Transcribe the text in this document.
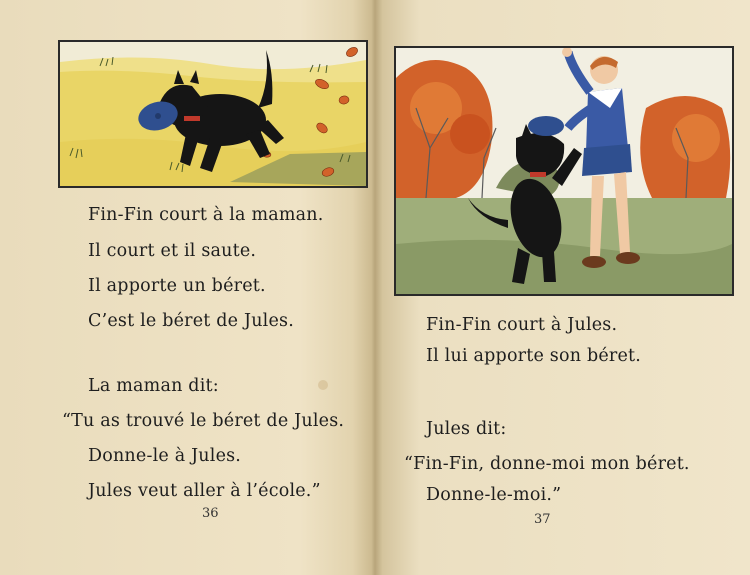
Fin-Fin court à la maman.
Il court et il saute.
Il apporte un béret.
C’est le béret de Jules.
La maman dit:
“Tu as trouvé le béret de Jules.
Donne-le à Jules.
Jules veut aller à l’école.”
36
Fin-Fin court à Jules.
Il lui apporte son béret.
Jules dit:
“Fin-Fin, donne-moi mon béret.
Donne-le-moi.”
37
